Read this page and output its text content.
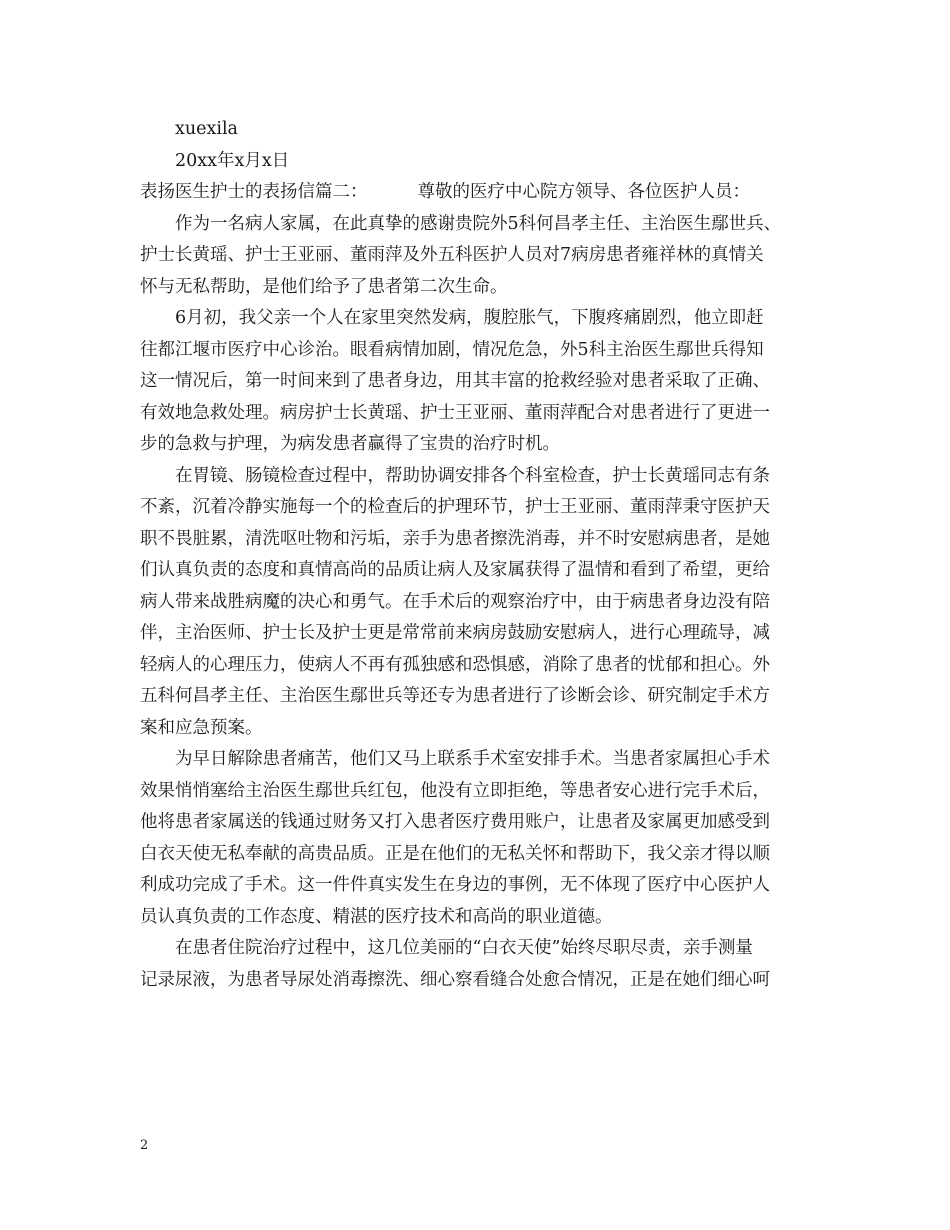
xuexila
20xx年x月x日
表扬医生护士的表扬信篇二：	尊敬的医疗中心院方领导、各位医护人员：
作为一名病人家属，在此真挚的感谢贵院外5科何昌孝主任、主治医生鄢世兵、
护士长黄瑶、护士王亚丽、董雨萍及外五科医护人员对7病房患者雍祥林的真情关
怀与无私帮助，是他们给予了患者第二次生命。
6月初，我父亲一个人在家里突然发病，腹腔胀气，下腹疼痛剧烈，他立即赶
往都江堰市医疗中心诊治。眼看病情加剧，情况危急，外5科主治医生鄢世兵得知
这一情况后，第一时间来到了患者身边，用其丰富的抢救经验对患者采取了正确、
有效地急救处理。病房护士长黄瑶、护士王亚丽、董雨萍配合对患者进行了更进一
步的急救与护理，为病发患者赢得了宝贵的治疗时机。
在胃镜、肠镜检查过程中，帮助协调安排各个科室检查，护士长黄瑶同志有条
不紊，沉着冷静实施每一个的检查后的护理环节，护士王亚丽、董雨萍秉守医护天
职不畏脏累，清洗呕吐物和污垢，亲手为患者擦洗消毒，并不时安慰病患者，是她
们认真负责的态度和真情高尚的品质让病人及家属获得了温情和看到了希望，更给
病人带来战胜病魔的决心和勇气。在手术后的观察治疗中，由于病患者身边没有陪
伴，主治医师、护士长及护士更是常常前来病房鼓励安慰病人，进行心理疏导，减
轻病人的心理压力，使病人不再有孤独感和恐惧感，消除了患者的忧郁和担心。外
五科何昌孝主任、主治医生鄢世兵等还专为患者进行了诊断会诊、研究制定手术方
案和应急预案。
为早日解除患者痛苦，他们又马上联系手术室安排手术。当患者家属担心手术
效果悄悄塞给主治医生鄢世兵红包，他没有立即拒绝，等患者安心进行完手术后，
他将患者家属送的钱通过财务又打入患者医疗费用账户，让患者及家属更加感受到
白衣天使无私奉献的高贵品质。正是在他们的无私关怀和帮助下，我父亲才得以顺
利成功完成了手术。这一件件真实发生在身边的事例，无不体现了医疗中心医护人
员认真负责的工作态度、精湛的医疗技术和高尚的职业道德。
在患者住院治疗过程中，这几位美丽的“白衣天使”始终尽职尽责，亲手测量
记录尿液，为患者导尿处消毒擦洗、细心察看缝合处愈合情况，正是在她们细心呵
2
